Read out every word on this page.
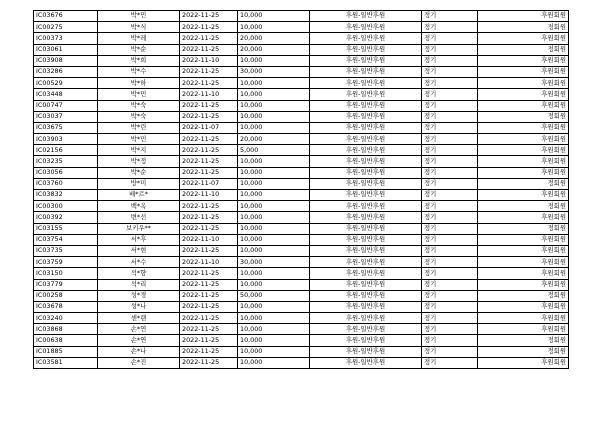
IC03676	박*민	2022-11-25	10,000	후원-일반후원	정기	후원회원
IC00275	박*식	2022-11-25	10,000	후원-일반후원	정기	정회원
IC00373	박*레	2022-11-25	20,000	후원-일반후원	정기	후원회원
IC03061	박*순	2022-11-25	20,000	후원-일반후원	정기	정회원
IC03908	박*희	2022-11-10	10,000	후원-일반후원	정기	후원회원
IC03286	박*수	2022-11-25	30,000	후원-일반후원	정기	후원회원
IC00529	박*하	2022-11-25	10,000	후원-일반후원	정기	후원회원
IC03448	박*민	2022-11-10	10,000	후원-일반후원	정기	후원회원
IC00747	박*숙	2022-11-25	10,000	후원-일반후원	정기	후원회원
IC03037	박*숙	2022-11-25	10,000	후원-일반후원	정기	정회원
IC03675	박*린	2022-11-07	10,000	후원-일반후원	정기	후원회원
IC03903	박*민	2022-11-25	20,000	후원-일반후원	정기	후원회원
IC02156	박*지	2022-11-25	5,000	후원-일반후원	정기	후원회원
IC03235	박*정	2022-11-25	10,000	후원-일반후원	정기	후원회원
IC03056	박*순	2022-11-25	10,000	후원-일반후원	정기	후원회원
IC03760	방*미	2022-11-07	10,000	후원-일반후원	정기	정회원
IC03832	배*르*	2022-11-10	10,000	후원-일반후원	정기	후원회원
IC00300	백*옥	2022-11-25	10,000	후원-일반후원	정기	정회원
IC00392	변*선	2022-11-25	10,000	후원-일반후원	정기	후원회원
IC03155	보키우**	2022-11-25	10,000	후원-일반후원	정기	정회원
IC03754	서*후	2022-11-10	10,000	후원-일반후원	정기	후원회원
IC03735	서*현	2022-11-25	10,000	후원-일반후원	정기	후원회원
IC03759	서*수	2022-11-10	30,000	후원-일반후원	정기	후원회원
IC03150	석*향	2022-11-25	10,000	후원-일반후원	정기	후원회원
IC03779	석*리	2022-11-25	10,000	후원-일반후원	정기	후원회원
IC00258	성*경	2022-11-25	50,000	후원-일반후원	정기	정회원
IC03678	성*나	2022-11-25	10,000	후원-일반후원	정기	후원회원
IC03240	센*랜	2022-11-25	10,000	후원-일반후원	정기	후원회원
IC03868	손*연	2022-11-25	10,000	후원-일반후원	정기	후원회원
IC00638	손*연	2022-11-25	10,000	후원-일반후원	정기	정회원
IC01885	손*나	2022-11-25	10,000	후원-일반후원	정기	정회원
IC03581	손*진	2022-11-25	10,000	후원-일반후원	정기	후원회원
